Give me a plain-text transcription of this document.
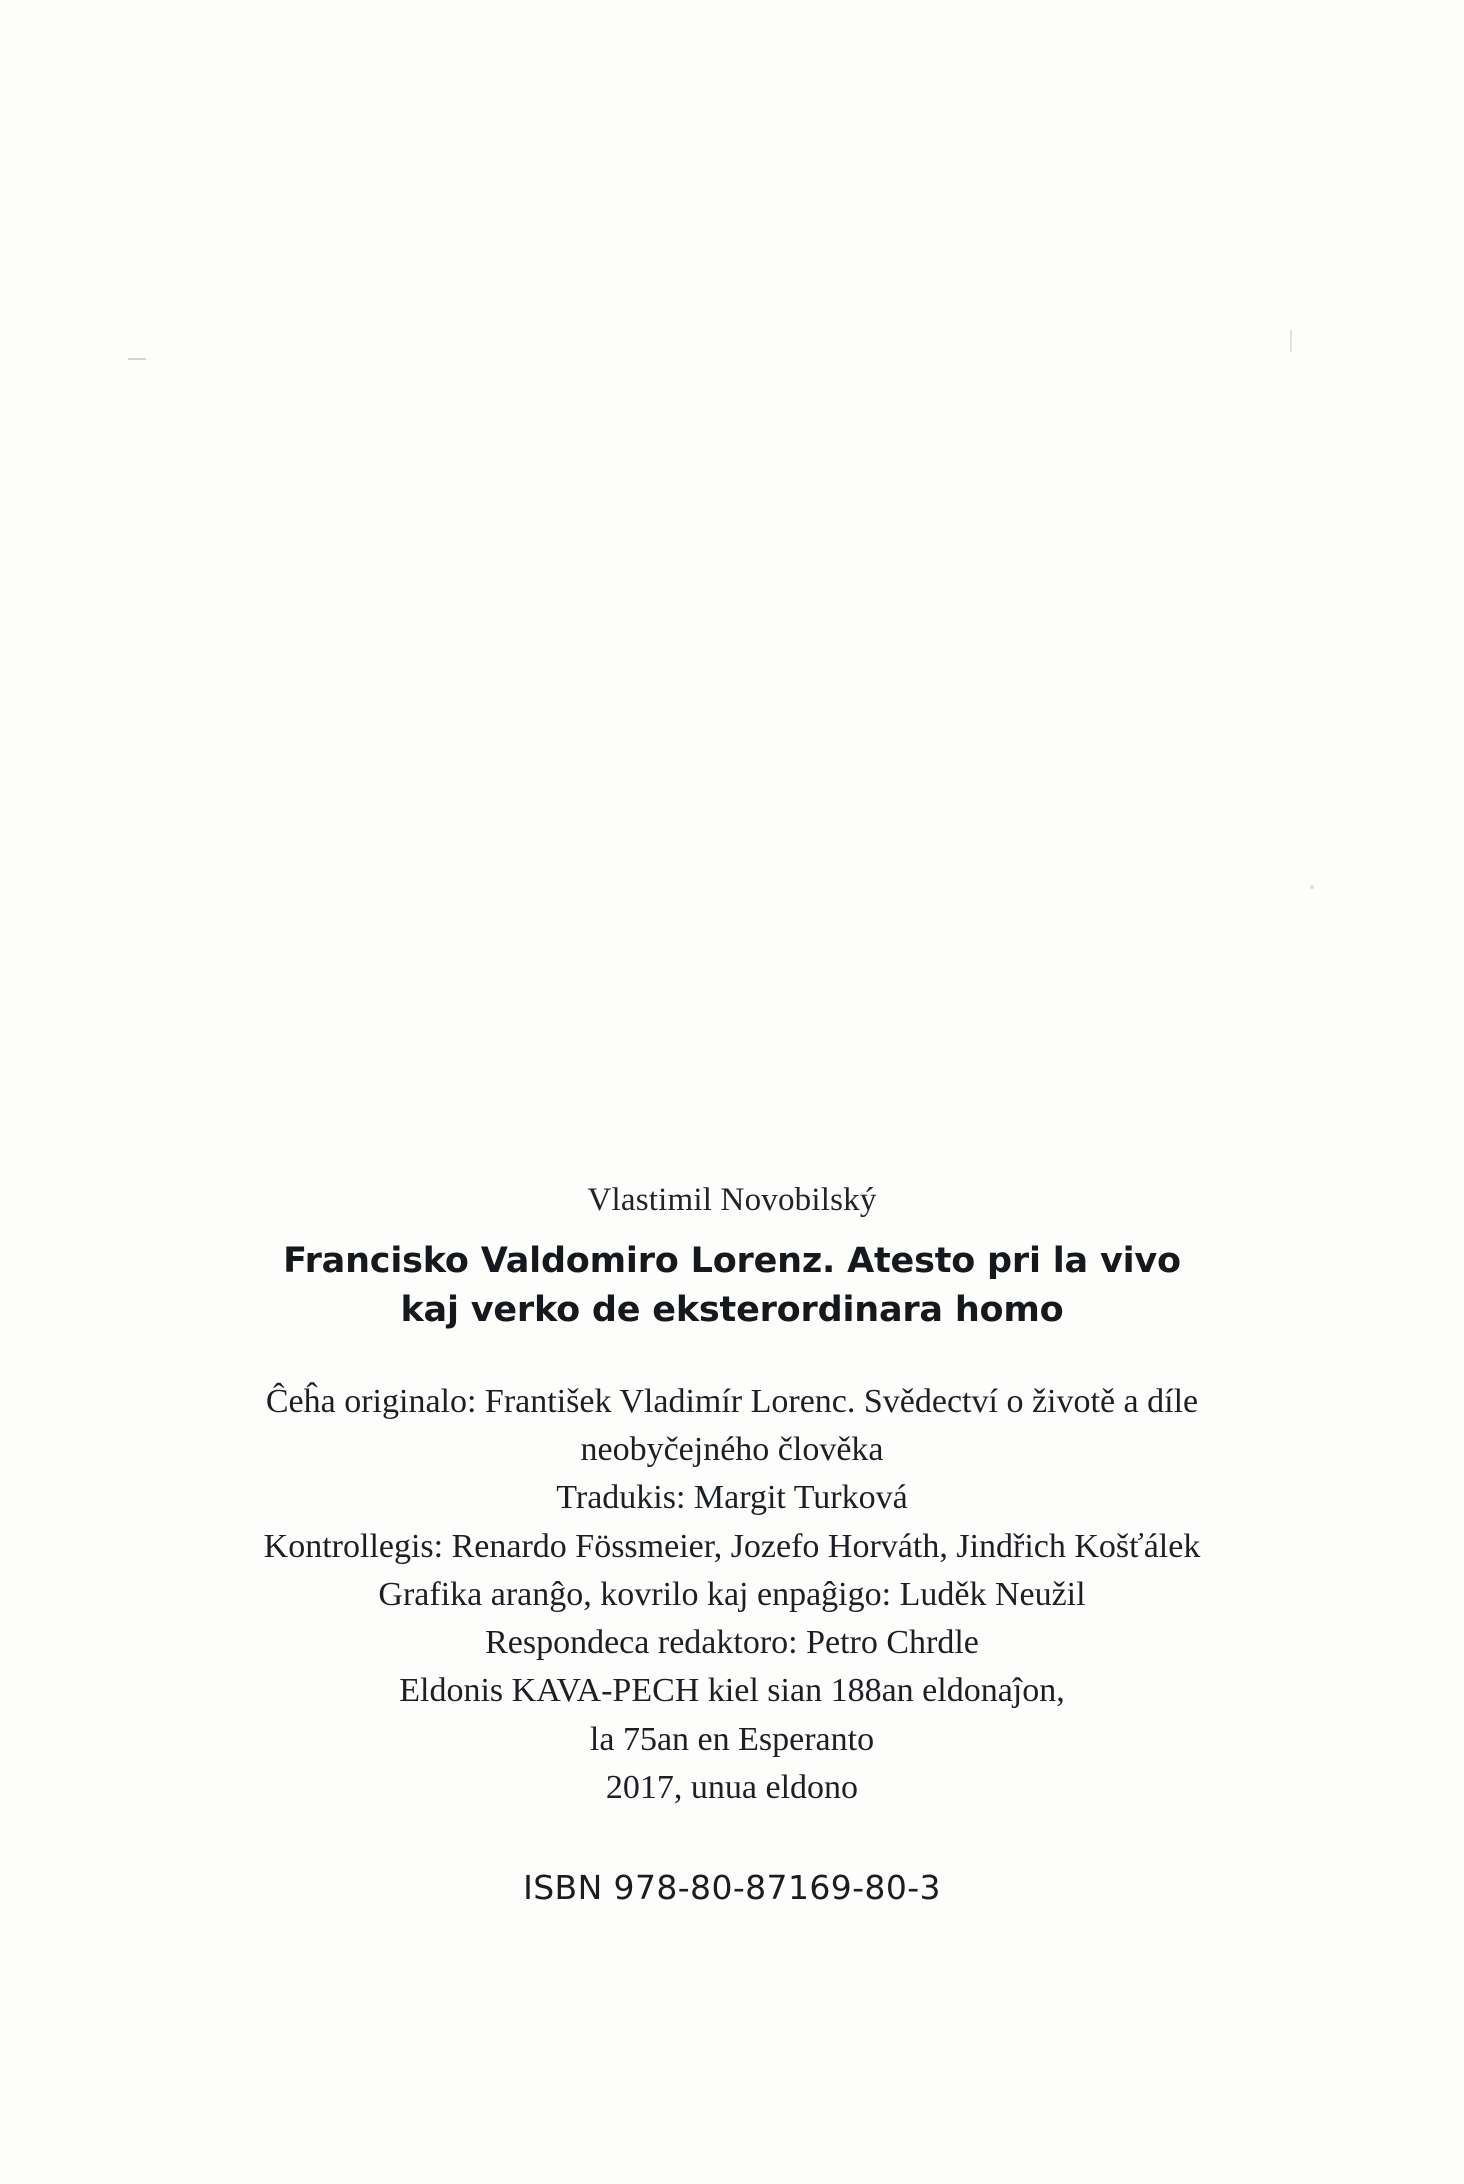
Vlastimil Novobilský
Francisko Valdomiro Lorenz. Atesto pri la vivo
kaj verko de eksterordinara homo
Ĉeĥa originalo: František Vladimír Lorenc. Svědectví o životě a díle
neobyčejného člověka
Tradukis: Margit Turková
Kontrollegis: Renardo Fössmeier, Jozefo Horváth, Jindřich Košťálek
Grafika aranĝo, kovrilo kaj enpaĝigo: Luděk Neužil
Respondeca redaktoro: Petro Chrdle
Eldonis KAVA-PECH kiel sian 188an eldonaĵon,
la 75an en Esperanto
2017, unua eldono
ISBN 978-80-87169-80-3
